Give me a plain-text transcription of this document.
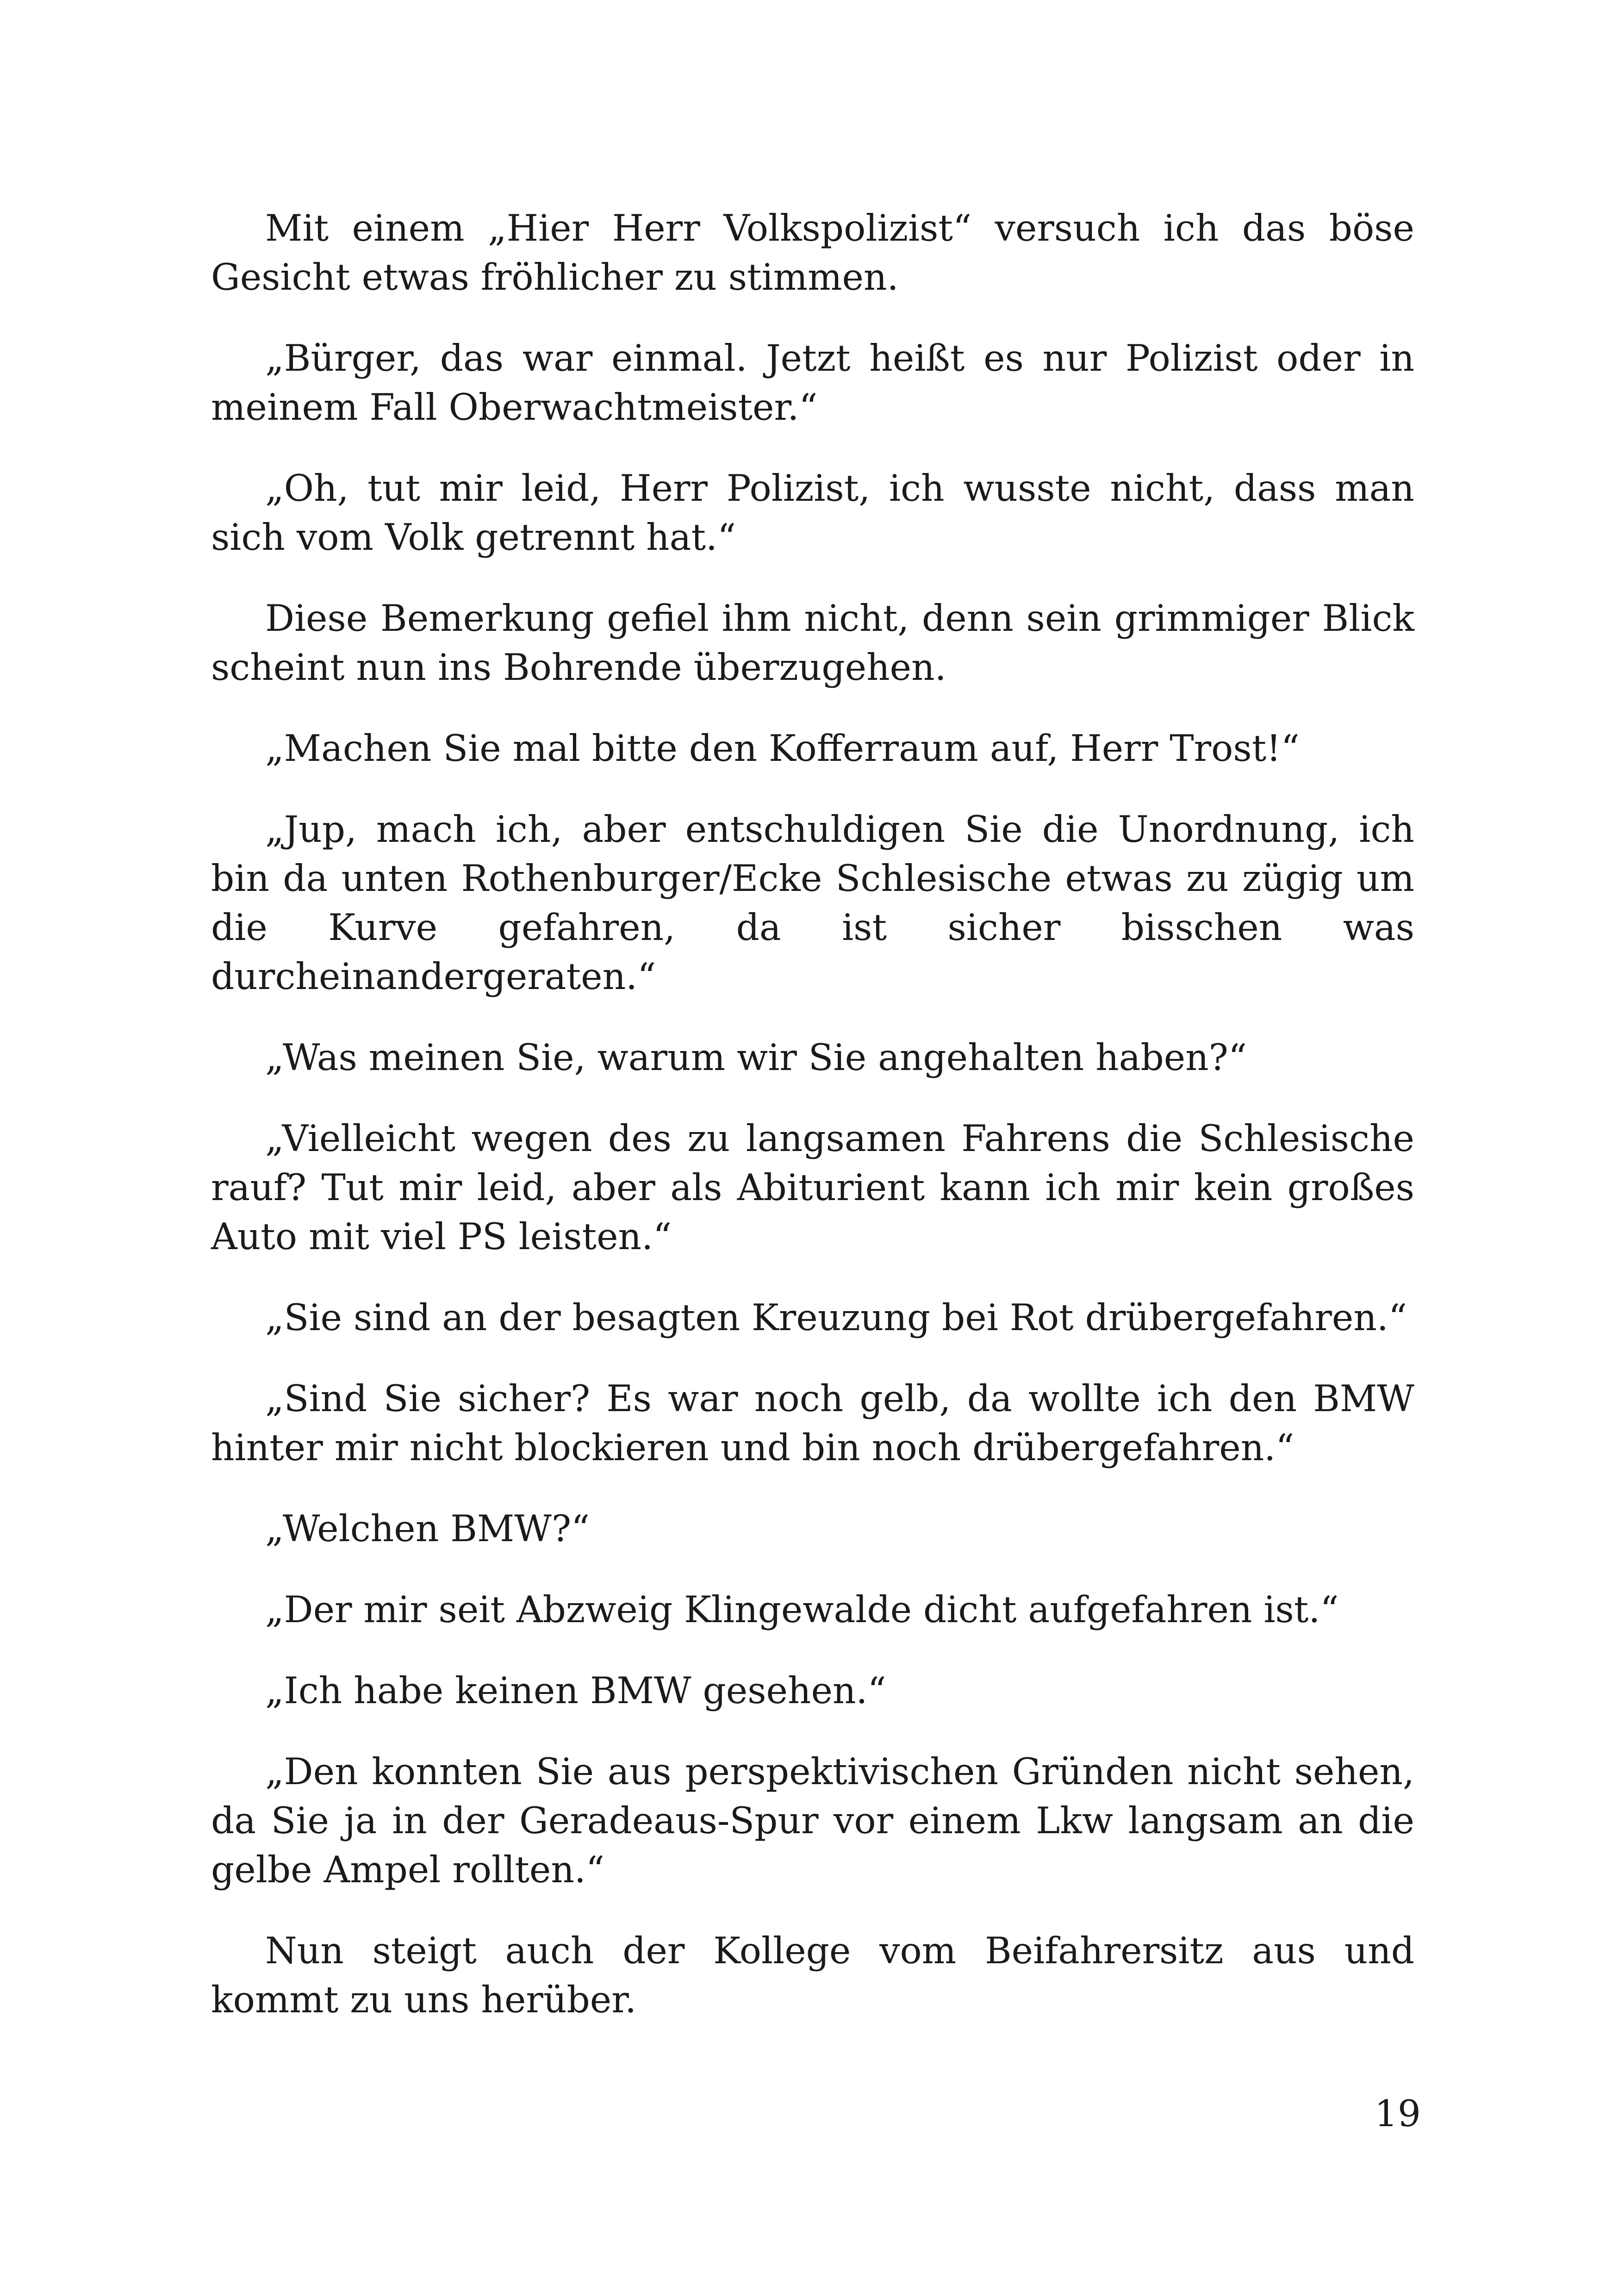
Mit einem „Hier Herr Volkspolizist“ versuch ich das böse Gesicht etwas fröhlicher zu stimmen.

„Bürger, das war einmal. Jetzt heißt es nur Polizist oder in meinem Fall Oberwachtmeister.“

„Oh, tut mir leid, Herr Polizist, ich wusste nicht, dass man sich vom Volk getrennt hat.“

Diese Bemerkung gefiel ihm nicht, denn sein grimmiger Blick scheint nun ins Bohrende überzugehen.

„Machen Sie mal bitte den Kofferraum auf, Herr Trost!“

„Jup, mach ich, aber entschuldigen Sie die Unordnung, ich bin da unten Rothenburger/Ecke Schlesische etwas zu zügig um die Kurve gefahren, da ist sicher bisschen was durcheinandergeraten.“

„Was meinen Sie, warum wir Sie angehalten haben?“

„Vielleicht wegen des zu langsamen Fahrens die Schlesische rauf? Tut mir leid, aber als Abiturient kann ich mir kein großes Auto mit viel PS leisten.“

„Sie sind an der besagten Kreuzung bei Rot drübergefahren.“

„Sind Sie sicher? Es war noch gelb, da wollte ich den BMW hinter mir nicht blockieren und bin noch drübergefahren.“

„Welchen BMW?“

„Der mir seit Abzweig Klingewalde dicht aufgefahren ist.“

„Ich habe keinen BMW gesehen.“

„Den konnten Sie aus perspektivischen Gründen nicht sehen, da Sie ja in der Geradeaus-Spur vor einem Lkw langsam an die gelbe Ampel rollten.“

Nun steigt auch der Kollege vom Beifahrersitz aus und kommt zu uns herüber.

19
